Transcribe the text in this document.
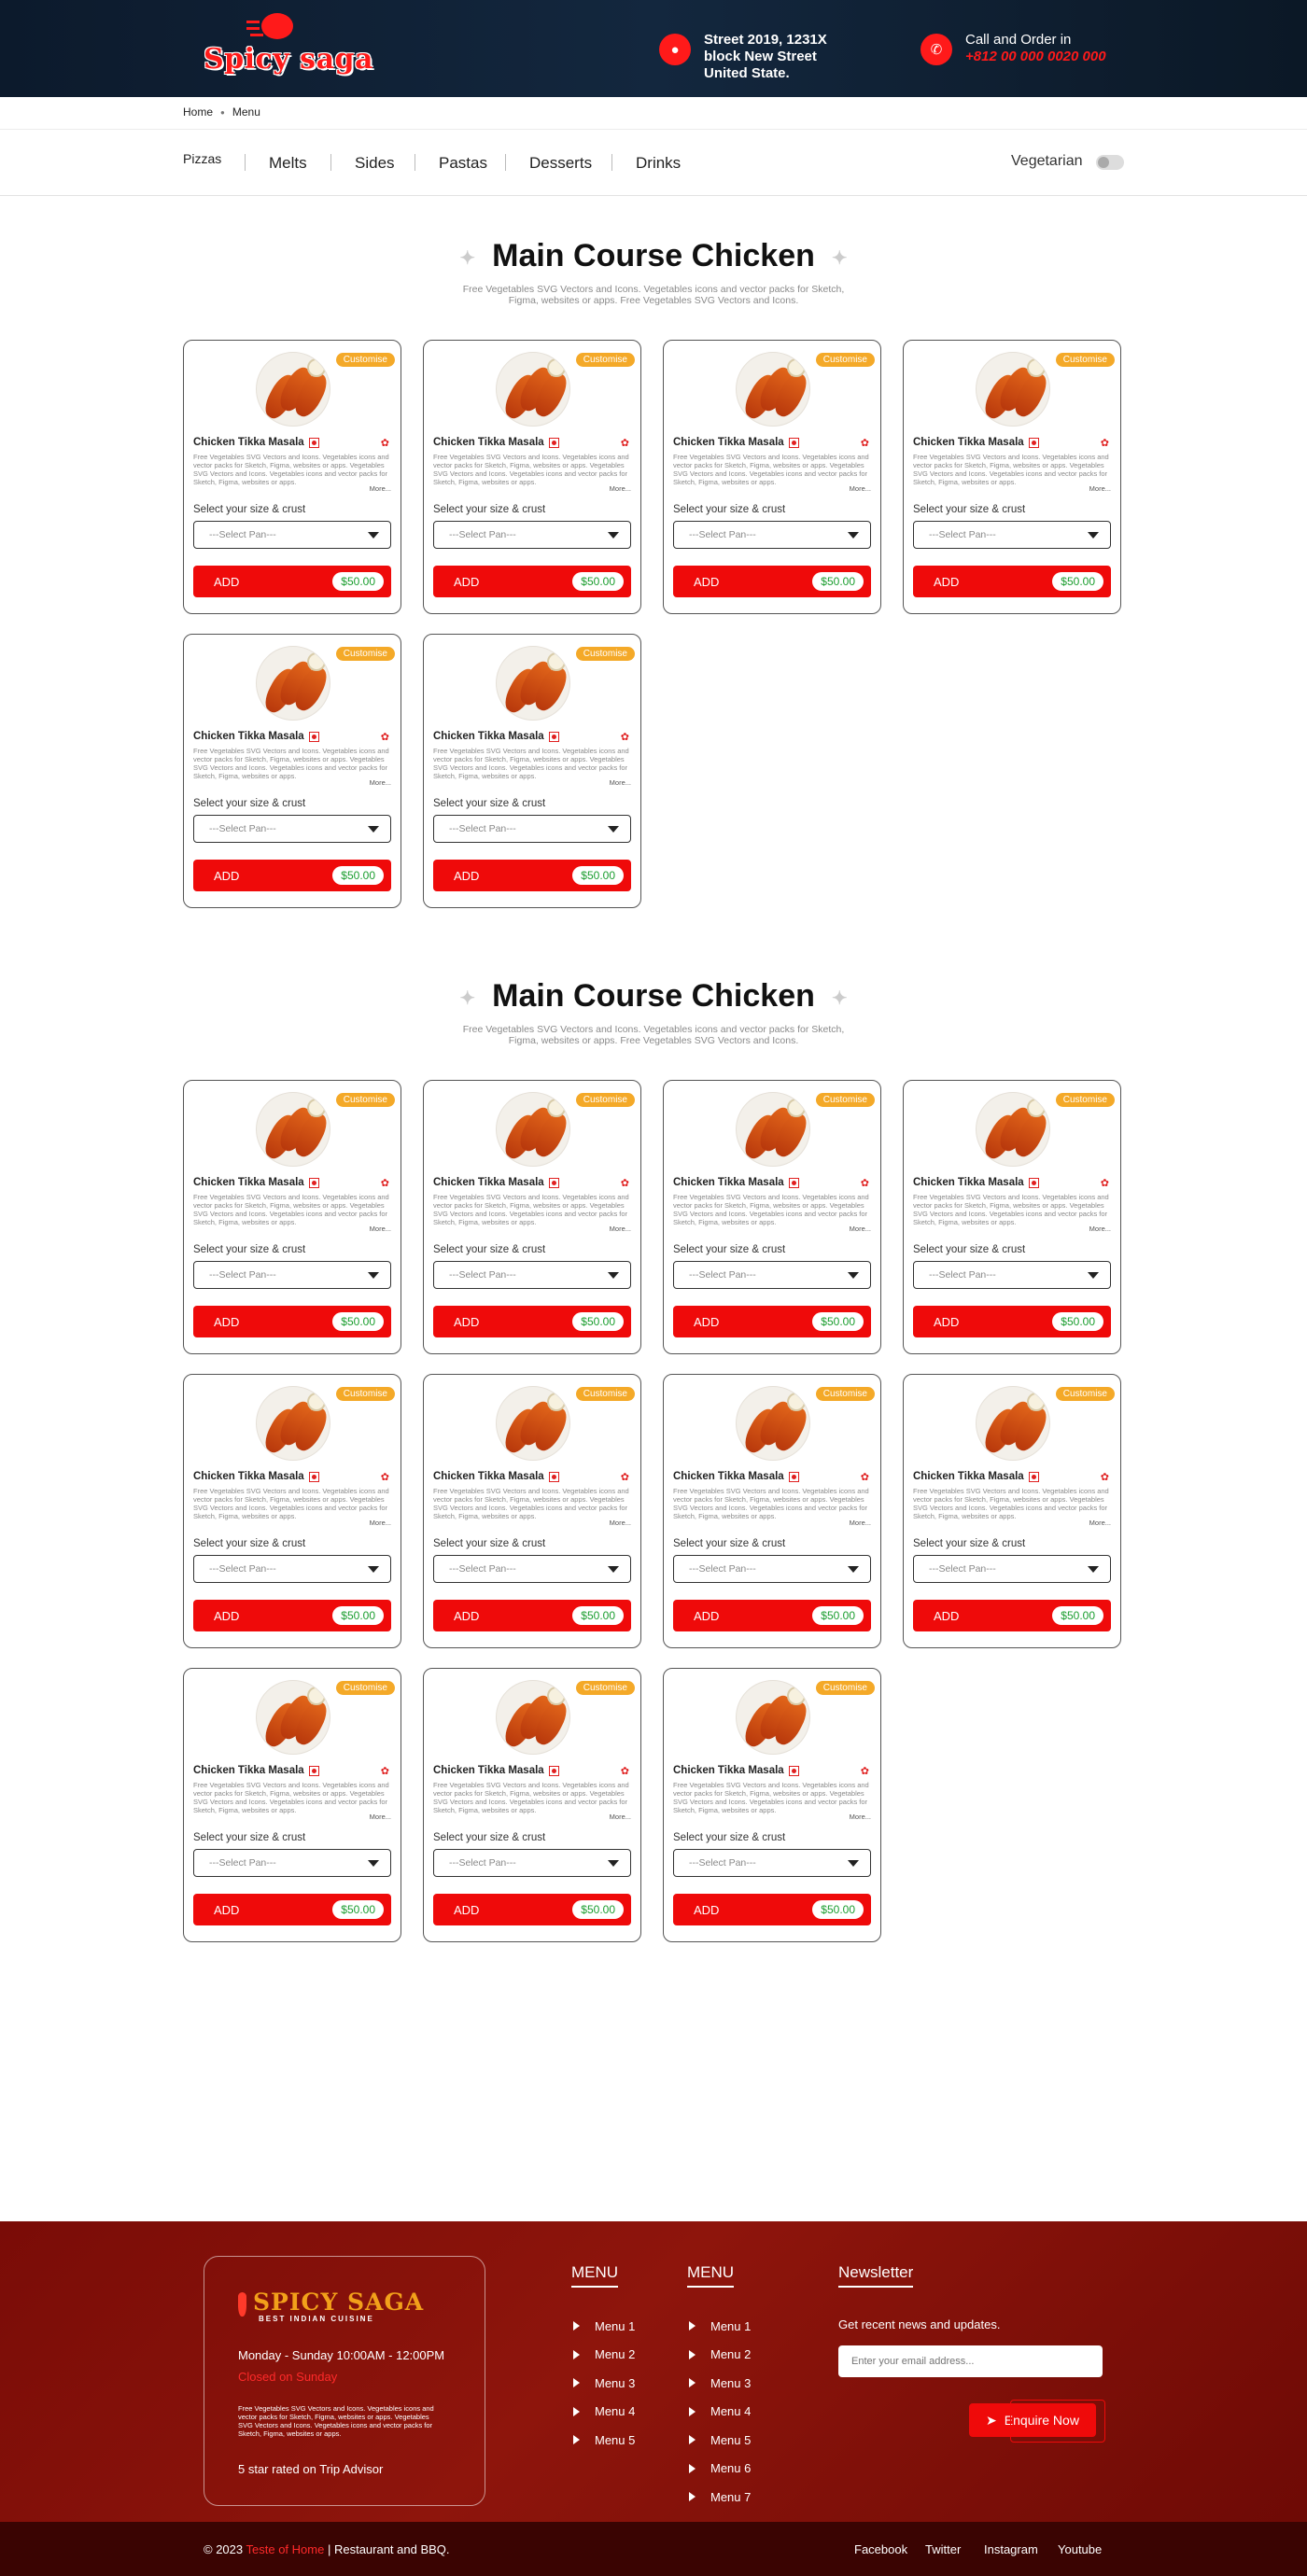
Spicy saga	●
Street 2019, 1231X block New Street United State.
✆
Call and Order in
+812 00 000 0020 000
Home ● Menu
Pizzas	Melts	Sides	Pastas	Desserts	Drinks	Vegetarian
✦ Main Course Chicken ✦
Free Vegetables SVG Vectors and Icons. Vegetables icons and vector packs for Sketch, Figma, websites or apps. Free Vegetables SVG Vectors and Icons.
Customise
Chicken Tikka Masala	✿
Free Vegetables SVG Vectors and Icons. Vegetables icons and vector packs for Sketch, Figma, websites or apps. Vegetables SVG Vectors and Icons. Vegetables icons and vector packs for Sketch, Figma, websites or apps.
More...
Select your size & crust
---Select Pan---
ADD	$50.00
Customise
Chicken Tikka Masala	✿
Free Vegetables SVG Vectors and Icons. Vegetables icons and vector packs for Sketch, Figma, websites or apps. Vegetables SVG Vectors and Icons. Vegetables icons and vector packs for Sketch, Figma, websites or apps.
More...
Select your size & crust
---Select Pan---
ADD	$50.00
Customise
Chicken Tikka Masala	✿
Free Vegetables SVG Vectors and Icons. Vegetables icons and vector packs for Sketch, Figma, websites or apps. Vegetables SVG Vectors and Icons. Vegetables icons and vector packs for Sketch, Figma, websites or apps.
More...
Select your size & crust
---Select Pan---
ADD	$50.00
Customise
Chicken Tikka Masala	✿
Free Vegetables SVG Vectors and Icons. Vegetables icons and vector packs for Sketch, Figma, websites or apps. Vegetables SVG Vectors and Icons. Vegetables icons and vector packs for Sketch, Figma, websites or apps.
More...
Select your size & crust
---Select Pan---
ADD	$50.00
Customise
Chicken Tikka Masala	✿
Free Vegetables SVG Vectors and Icons. Vegetables icons and vector packs for Sketch, Figma, websites or apps. Vegetables SVG Vectors and Icons. Vegetables icons and vector packs for Sketch, Figma, websites or apps.
More...
Select your size & crust
---Select Pan---
ADD	$50.00
Customise
Chicken Tikka Masala	✿
Free Vegetables SVG Vectors and Icons. Vegetables icons and vector packs for Sketch, Figma, websites or apps. Vegetables SVG Vectors and Icons. Vegetables icons and vector packs for Sketch, Figma, websites or apps.
More...
Select your size & crust
---Select Pan---
ADD	$50.00
✦ Main Course Chicken ✦
Free Vegetables SVG Vectors and Icons. Vegetables icons and vector packs for Sketch, Figma, websites or apps. Free Vegetables SVG Vectors and Icons.
Customise
Chicken Tikka Masala	✿
Free Vegetables SVG Vectors and Icons. Vegetables icons and vector packs for Sketch, Figma, websites or apps. Vegetables SVG Vectors and Icons. Vegetables icons and vector packs for Sketch, Figma, websites or apps.
More...
Select your size & crust
---Select Pan---
ADD	$50.00
Customise
Chicken Tikka Masala	✿
Free Vegetables SVG Vectors and Icons. Vegetables icons and vector packs for Sketch, Figma, websites or apps. Vegetables SVG Vectors and Icons. Vegetables icons and vector packs for Sketch, Figma, websites or apps.
More...
Select your size & crust
---Select Pan---
ADD	$50.00
Customise
Chicken Tikka Masala	✿
Free Vegetables SVG Vectors and Icons. Vegetables icons and vector packs for Sketch, Figma, websites or apps. Vegetables SVG Vectors and Icons. Vegetables icons and vector packs for Sketch, Figma, websites or apps.
More...
Select your size & crust
---Select Pan---
ADD	$50.00
Customise
Chicken Tikka Masala	✿
Free Vegetables SVG Vectors and Icons. Vegetables icons and vector packs for Sketch, Figma, websites or apps. Vegetables SVG Vectors and Icons. Vegetables icons and vector packs for Sketch, Figma, websites or apps.
More...
Select your size & crust
---Select Pan---
ADD	$50.00
Customise
Chicken Tikka Masala	✿
Free Vegetables SVG Vectors and Icons. Vegetables icons and vector packs for Sketch, Figma, websites or apps. Vegetables SVG Vectors and Icons. Vegetables icons and vector packs for Sketch, Figma, websites or apps.
More...
Select your size & crust
---Select Pan---
ADD	$50.00
Customise
Chicken Tikka Masala	✿
Free Vegetables SVG Vectors and Icons. Vegetables icons and vector packs for Sketch, Figma, websites or apps. Vegetables SVG Vectors and Icons. Vegetables icons and vector packs for Sketch, Figma, websites or apps.
More...
Select your size & crust
---Select Pan---
ADD	$50.00
Customise
Chicken Tikka Masala	✿
Free Vegetables SVG Vectors and Icons. Vegetables icons and vector packs for Sketch, Figma, websites or apps. Vegetables SVG Vectors and Icons. Vegetables icons and vector packs for Sketch, Figma, websites or apps.
More...
Select your size & crust
---Select Pan---
ADD	$50.00
Customise
Chicken Tikka Masala	✿
Free Vegetables SVG Vectors and Icons. Vegetables icons and vector packs for Sketch, Figma, websites or apps. Vegetables SVG Vectors and Icons. Vegetables icons and vector packs for Sketch, Figma, websites or apps.
More...
Select your size & crust
---Select Pan---
ADD	$50.00
Customise
Chicken Tikka Masala	✿
Free Vegetables SVG Vectors and Icons. Vegetables icons and vector packs for Sketch, Figma, websites or apps. Vegetables SVG Vectors and Icons. Vegetables icons and vector packs for Sketch, Figma, websites or apps.
More...
Select your size & crust
---Select Pan---
ADD	$50.00
Customise
Chicken Tikka Masala	✿
Free Vegetables SVG Vectors and Icons. Vegetables icons and vector packs for Sketch, Figma, websites or apps. Vegetables SVG Vectors and Icons. Vegetables icons and vector packs for Sketch, Figma, websites or apps.
More...
Select your size & crust
---Select Pan---
ADD	$50.00
Customise
Chicken Tikka Masala	✿
Free Vegetables SVG Vectors and Icons. Vegetables icons and vector packs for Sketch, Figma, websites or apps. Vegetables SVG Vectors and Icons. Vegetables icons and vector packs for Sketch, Figma, websites or apps.
More...
Select your size & crust
---Select Pan---
ADD	$50.00
SPICY SAGA
BEST INDIAN CUISINE
Monday - Sunday 10:00AM - 12:00PM
Closed on Sunday
Free Vegetables SVG Vectors and Icons. Vegetables icons and vector packs for Sketch, Figma, websites or apps. Vegetables SVG Vectors and Icons. Vegetables icons and vector packs for Sketch, Figma, websites or apps.
5 star rated on Trip Advisor
MENU
Menu 1
Menu 2
Menu 3
Menu 4
Menu 5
MENU
Menu 1
Menu 2
Menu 3
Menu 4
Menu 5
Menu 6
Menu 7
Newsletter
Get recent news and updates.
Enter your email address...
➤ Enquire Now
© 2023 Teste of Home | Restaurant and BBQ.	Facebook Twitter Instagram Youtube
